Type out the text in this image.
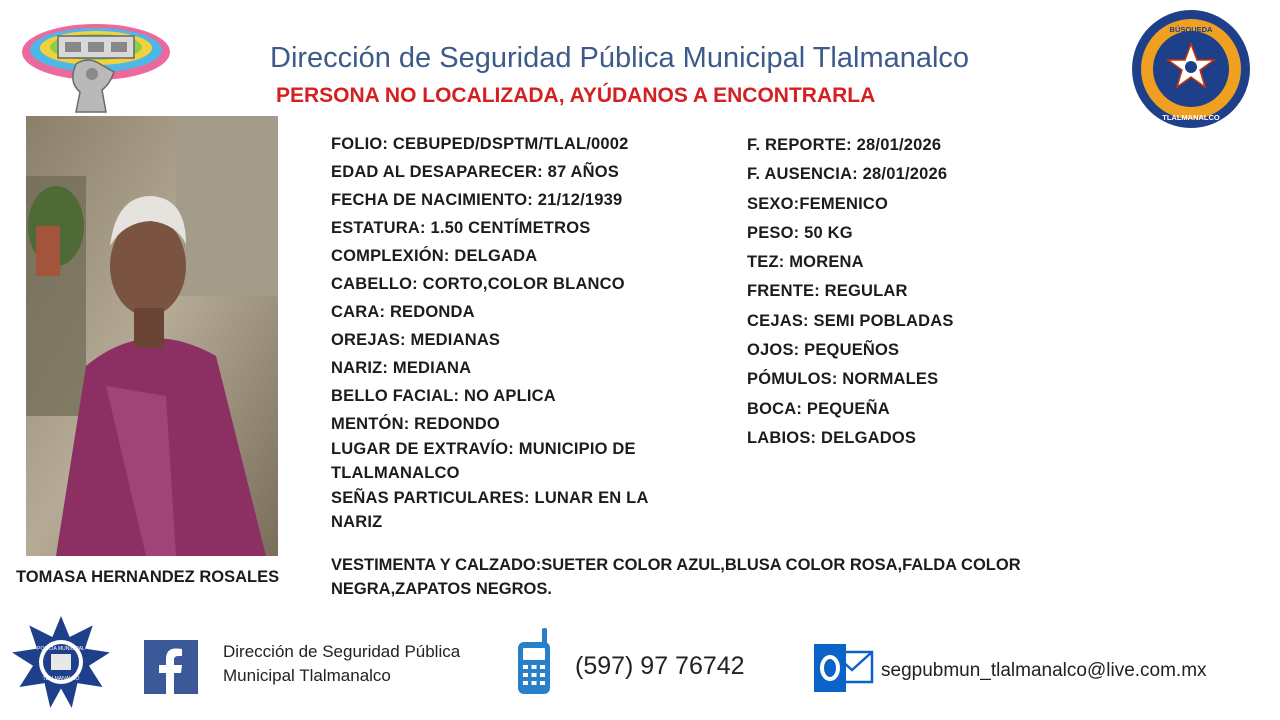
BÚSQUEDA
TLALMANALCO
Dirección de Seguridad Pública Municipal Tlalmanalco
PERSONA NO LOCALIZADA, AYÚDANOS A ENCONTRARLA
TOMASA HERNANDEZ ROSALES
FOLIO: CEBUPED/DSPTM/TLAL/0002
EDAD AL DESAPARECER: 87 AÑOS
FECHA DE NACIMIENTO: 21/12/1939
ESTATURA: 1.50 CENTÍMETROS
COMPLEXIÓN: DELGADA
CABELLO: CORTO,COLOR BLANCO
CARA: REDONDA
OREJAS: MEDIANAS
NARIZ: MEDIANA
BELLO FACIAL: NO APLICA
MENTÓN: REDONDO
LUGAR DE EXTRAVÍO: MUNICIPIO DE TLALMANALCO
SEÑAS PARTICULARES: LUNAR EN LA NARIZ
F. REPORTE: 28/01/2026
F. AUSENCIA: 28/01/2026
SEXO:FEMENICO
PESO: 50 KG
TEZ: MORENA
FRENTE: REGULAR
CEJAS: SEMI POBLADAS
OJOS: PEQUEÑOS
PÓMULOS: NORMALES
BOCA: PEQUEÑA
LABIOS: DELGADOS
VESTIMENTA Y CALZADO:SUETER COLOR AZUL,BLUSA COLOR ROSA,FALDA COLOR NEGRA,ZAPATOS NEGROS.
POLICÍA MUNICIPAL
TLALMANALCO
Dirección de Seguridad Pública
Municipal Tlalmanalco	(597) 97 76742	segpubmun_tlalmanalco@live.com.mx
